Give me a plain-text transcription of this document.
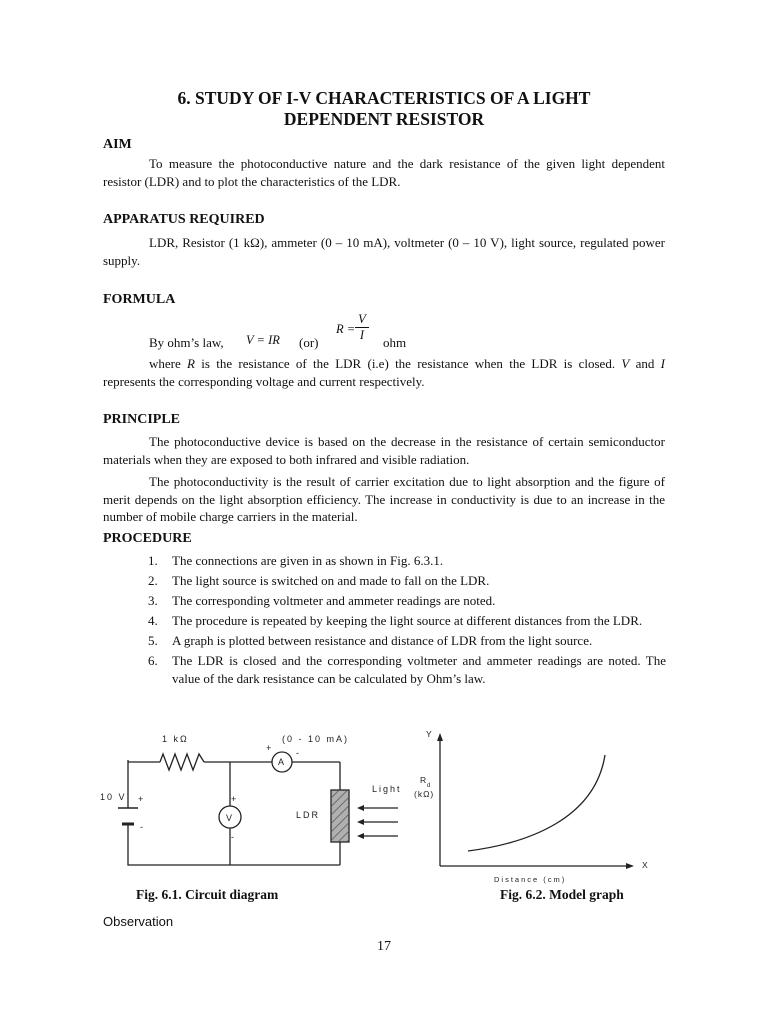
6. STUDY OF I-V CHARACTERISTICS OF A LIGHT
DEPENDENT RESISTOR
AIM
To measure the photoconductive nature and the dark resistance of the given light dependent resistor (LDR) and to plot the characteristics of the LDR.
APPARATUS REQUIRED
LDR, Resistor (1 kΩ), ammeter (0 – 10 mA), voltmeter (0 – 10 V), light source, regulated power supply.
FORMULA
By ohm’s law, V = IR (or)
R =
V
I	ohm
where R is the resistance of the LDR (i.e) the resistance when the LDR is closed. V and I represents the corresponding voltage and current respectively.
PRINCIPLE
The photoconductive device is based on the decrease in the resistance of certain semiconductor materials when they are exposed to both infrared and visible radiation.
The photoconductivity is the result of carrier excitation due to light absorption and the figure of merit depends on the light absorption efficiency. The increase in conductivity is due to an increase in the number of mobile charge carriers in the material.
PROCEDURE
1.	The connections are given in as shown in Fig. 6.3.1.
2.	The light source is switched on and made to fall on the LDR.
3.	The corresponding voltmeter and ammeter readings are noted.
4.	The procedure is repeated by keeping the light source at different distances from the LDR.
5.	A graph is plotted between resistance and distance of LDR from the light source.
6.	The LDR is closed and the corresponding voltmeter and ammeter readings are noted. The value of the dark resistance can be calculated by Ohm’s law.
1 kΩ	(0 - 10 mA)
10 V
LDR
Light
A
V
+	-
+
-
+
-
Y
X
R
d
(kΩ)
Distance (cm)
Fig. 6.1. Circuit diagram	Fig. 6.2. Model graph
Observation
17
